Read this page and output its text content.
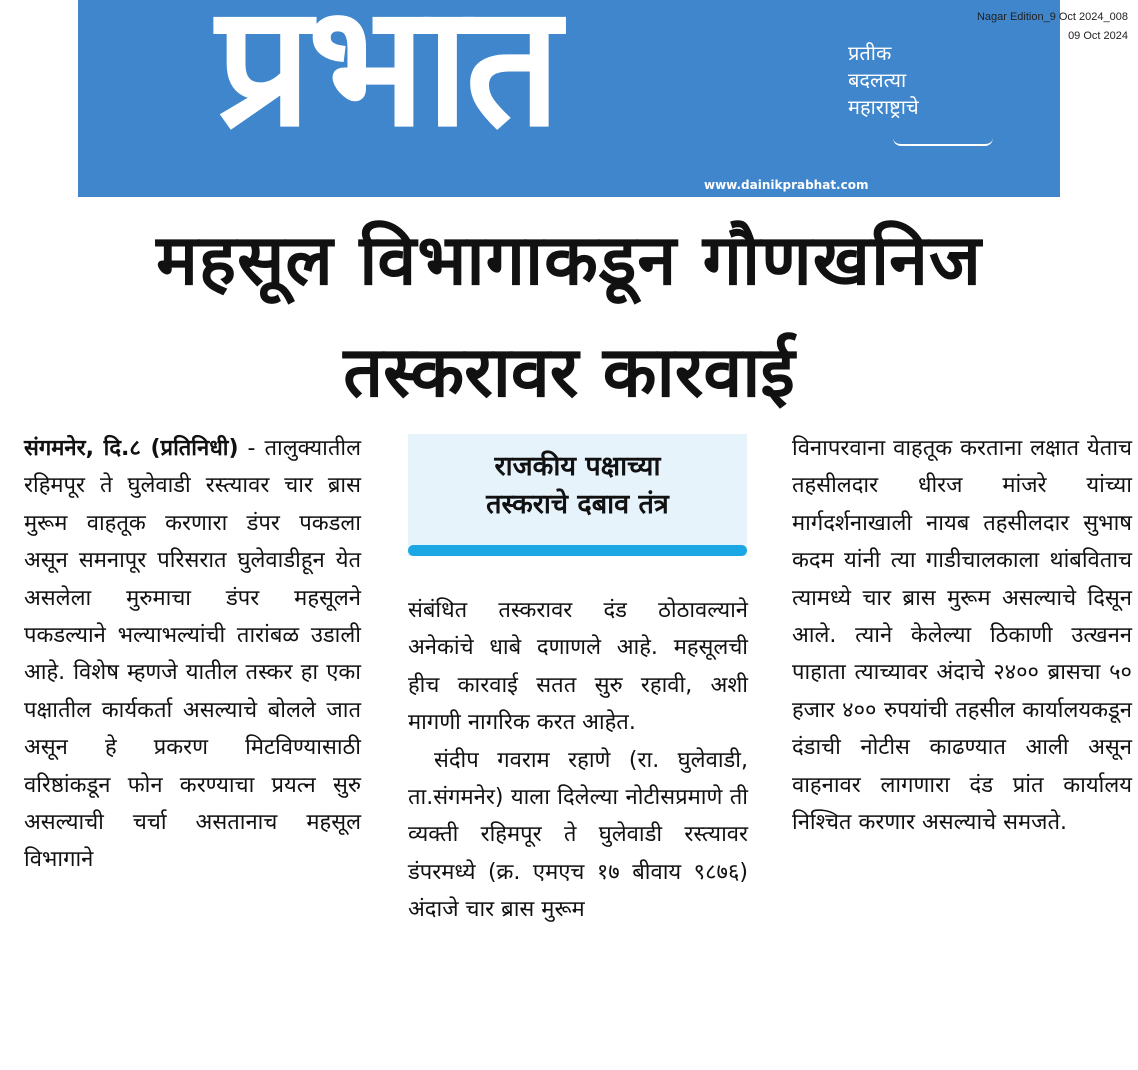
प्रभात	प्रतीक
बदलत्या
महाराष्ट्राचे
www.dainikprabhat.com
Nagar Edition_9 Oct 2024_008
09 Oct 2024
महसूल विभागाकडून गौणखनिज
तस्करावर कारवाई

संगमनेर, दि.८ (प्रतिनिधी) - तालुक्यातील रहिमपूर ते घुलेवाडी रस्त्यावर चार ब्रास मुरूम वाहतूक करणारा डंपर पकडला असून समनापूर परिसरात घुलेवाडीहून येत असलेला मुरुमाचा डंपर महसूलने पकडल्याने भल्याभल्यांची तारांबळ उडाली आहे. विशेष म्हणजे यातील तस्कर हा एका पक्षातील कार्यकर्ता असल्याचे बोलले जात असून हे प्रकरण मिटविण्यासाठी वरिष्ठांकडून फोन करण्याचा प्रयत्न सुरु असल्याची चर्चा असतानाच महसूल विभागाने

राजकीय पक्षाच्या
तस्कराचे दबाव तंत्र

संबंधित तस्करावर दंड ठोठावल्याने अनेकांचे धाबे दणाणले आहे. महसूलची हीच कारवाई सतत सुरु रहावी, अशी मागणी नागरिक करत आहेत.

संदीप गवराम रहाणे (रा. घुलेवाडी, ता.संगमनेर) याला दिलेल्या नोटीसप्रमाणे ती व्यक्ती रहिमपूर ते घुलेवाडी रस्त्यावर डंपरमध्ये (क्र. एमएच १७ बीवाय ९८७६) अंदाजे चार ब्रास मुरूम

विनापरवाना वाहतूक करताना लक्षात येताच तहसीलदार धीरज मांजरे यांच्या मार्गदर्शनाखाली नायब तहसीलदार सुभाष कदम यांनी त्या गाडीचालकाला थांबविताच त्यामध्ये चार ब्रास मुरूम असल्याचे दिसून आले. त्याने केलेल्या ठिकाणी उत्खनन पाहाता त्याच्यावर अंदाचे २४०० ब्रासचा ५० हजार ४०० रुपयांची तहसील कार्यालयकडून दंडाची नोटीस काढण्यात आली असून वाहनावर लागणारा दंड प्रांत कार्यालय निश्चित करणार असल्याचे समजते.
